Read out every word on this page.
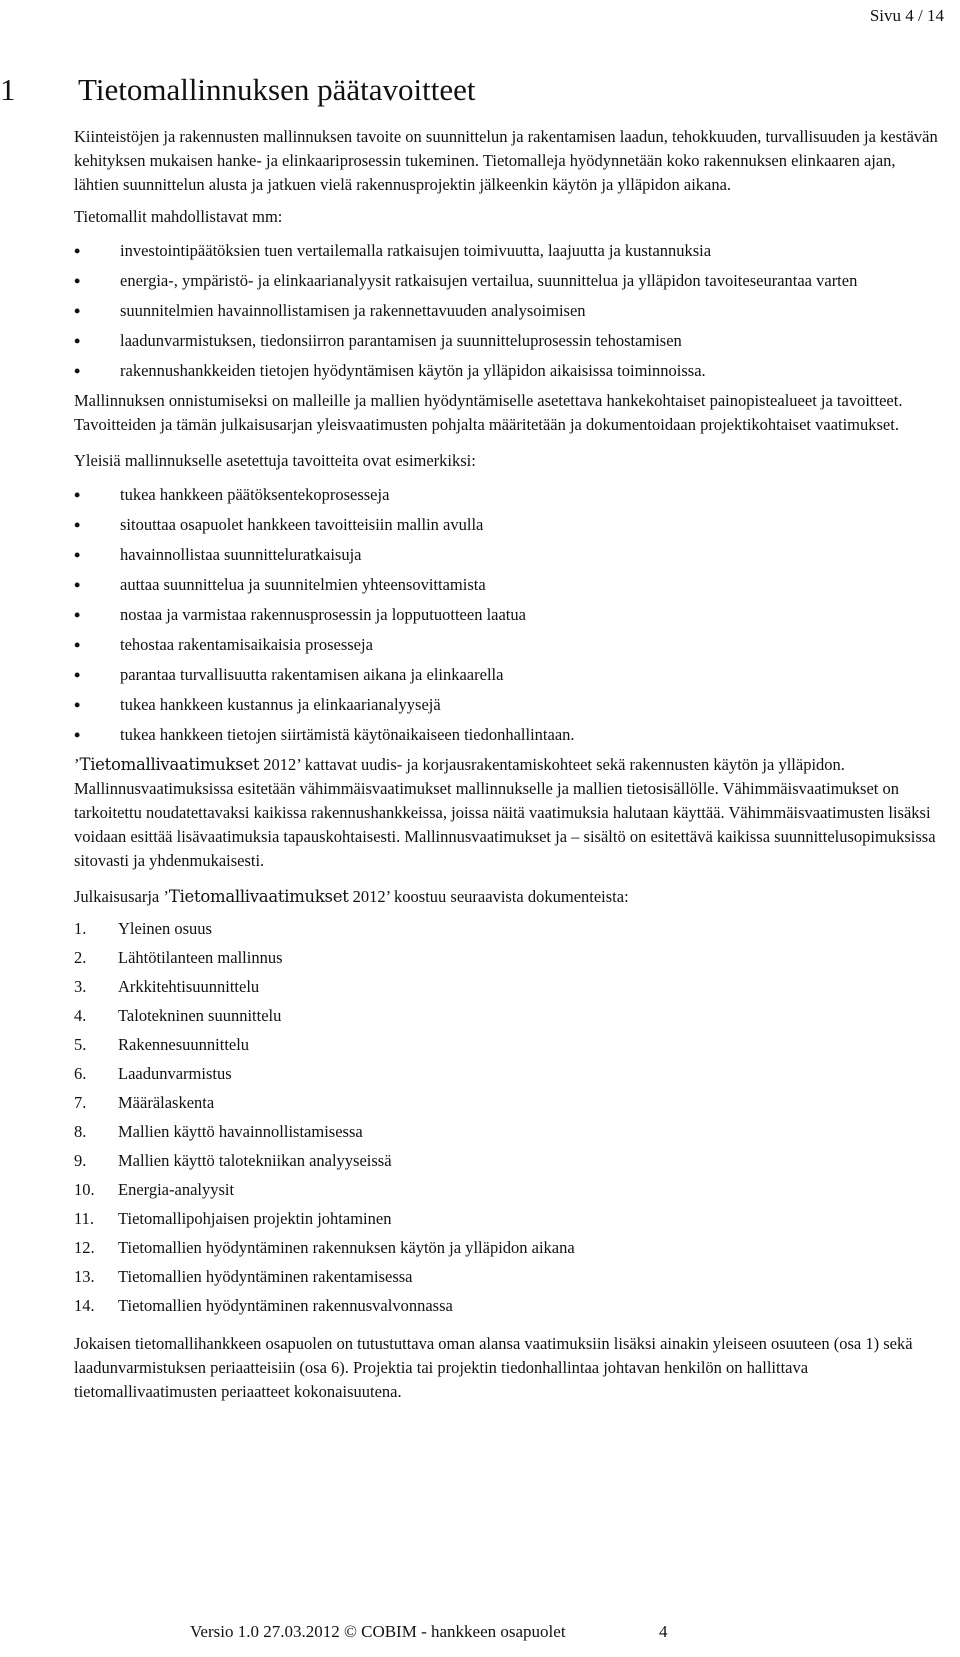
Sivu 4 / 14
1 Tietomallinnuksen päätavoitteet

Kiinteistöjen ja rakennusten mallinnuksen tavoite on suunnittelun ja rakentamisen laadun, tehokkuuden, turvallisuuden ja kestävän kehityksen mukaisen hanke- ja elinkaariprosessin tukeminen. Tietomalleja hyödynnetään koko rakennuksen elinkaaren ajan, lähtien suunnittelun alusta ja jatkuen vielä rakennusprojektin jälkeenkin käytön ja ylläpidon aikana.

Tietomallit mahdollistavat mm:

• investointipäätöksien tuen vertailemalla ratkaisujen toimivuutta, laajuutta ja kustannuksia
• energia-, ympäristö- ja elinkaarianalyysit ratkaisujen vertailua, suunnittelua ja ylläpidon tavoiteseurantaa varten
• suunnitelmien havainnollistamisen ja rakennettavuuden analysoimisen
• laadunvarmistuksen, tiedonsiirron parantamisen ja suunnitteluprosessin tehostamisen
• rakennushankkeiden tietojen hyödyntämisen käytön ja ylläpidon aikaisissa toiminnoissa.

Mallinnuksen onnistumiseksi on malleille ja mallien hyödyntämiselle asetettava hankekohtaiset painopistealueet ja tavoitteet. Tavoitteiden ja tämän julkaisusarjan yleisvaatimusten pohjalta määritetään ja dokumentoidaan projektikohtaiset vaatimukset.

Yleisiä mallinnukselle asetettuja tavoitteita ovat esimerkiksi:

• tukea hankkeen päätöksentekoprosesseja
• sitouttaa osapuolet hankkeen tavoitteisiin mallin avulla
• havainnollistaa suunnitteluratkaisuja
• auttaa suunnittelua ja suunnitelmien yhteensovittamista
• nostaa ja varmistaa rakennusprosessin ja lopputuotteen laatua
• tehostaa rakentamisaikaisia prosesseja
• parantaa turvallisuutta rakentamisen aikana ja elinkaarella
• tukea hankkeen kustannus ja elinkaarianalyysejä
• tukea hankkeen tietojen siirtämistä käytönaikaiseen tiedonhallintaan.

’Tietomallivaatimukset 2012’ kattavat uudis- ja korjausrakentamiskohteet sekä rakennusten käytön ja ylläpidon. Mallinnusvaatimuksissa esitetään vähimmäisvaatimukset mallinnukselle ja mallien tietosisällölle. Vähimmäisvaatimukset on tarkoitettu noudatettavaksi kaikissa rakennushankkeissa, joissa näitä vaatimuksia halutaan käyttää. Vähimmäisvaatimusten lisäksi voidaan esittää lisävaatimuksia tapauskohtaisesti. Mallinnusvaatimukset ja – sisältö on esitettävä kaikissa suunnittelusopimuksissa sitovasti ja yhdenmukaisesti.

Julkaisusarja ’Tietomallivaatimukset 2012’ koostuu seuraavista dokumenteista:

1.	Yleinen osuus
2.	Lähtötilanteen mallinnus
3.	Arkkitehtisuunnittelu
4.	Talotekninen suunnittelu
5.	Rakennesuunnittelu
6.	Laadunvarmistus
7.	Määrälaskenta
8.	Mallien käyttö havainnollistamisessa
9.	Mallien käyttö talotekniikan analyyseissä
10.	Energia-analyysit
11.	Tietomallipohjaisen projektin johtaminen
12.	Tietomallien hyödyntäminen rakennuksen käytön ja ylläpidon aikana
13.	Tietomallien hyödyntäminen rakentamisessa
14.	Tietomallien hyödyntäminen rakennusvalvonnassa

Jokaisen tietomallihankkeen osapuolen on tutustuttava oman alansa vaatimuksiin lisäksi ainakin yleiseen osuuteen (osa 1) sekä laadunvarmistuksen periaatteisiin (osa 6). Projektia tai projektin tiedonhallintaa johtavan henkilön on hallittava tietomallivaatimusten periaatteet kokonaisuutena.

Versio 1.0 27.03.2012 © COBIM - hankkeen osapuolet	4
